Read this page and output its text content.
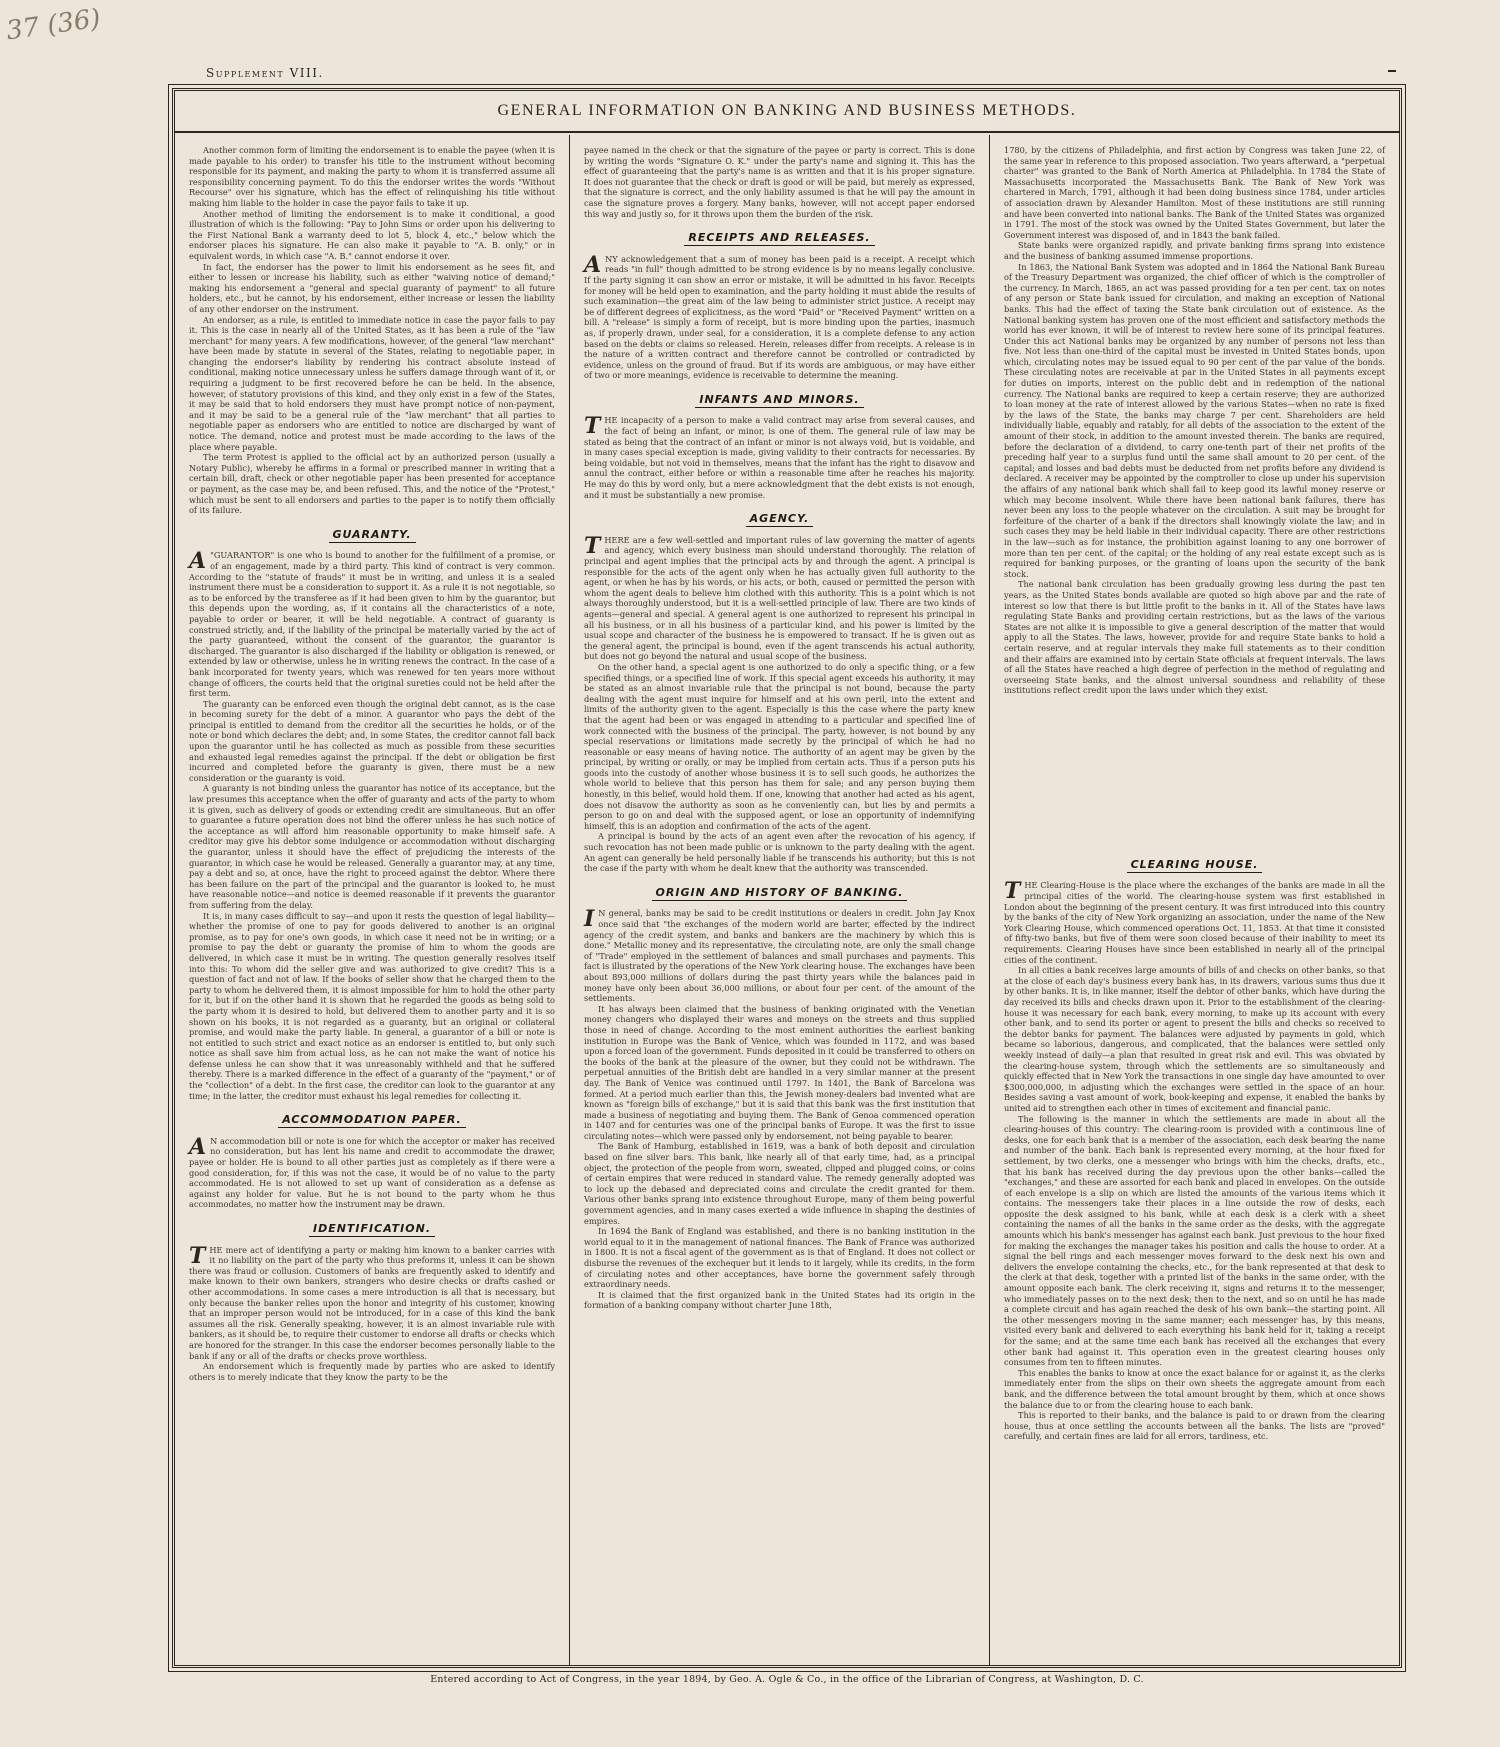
37 (36)
Supplement VIII.
GENERAL INFORMATION ON BANKING AND BUSINESS METHODS.

Another common form of limiting the endorsement is to enable the payee (when it is made payable to his order) to transfer his title to the instrument without becoming responsible for its payment, and making the party to whom it is transferred assume all responsibility concerning payment. To do this the endorser writes the words "Without Recourse" over his signature, which has the effect of relinquishing his title without making him liable to the holder in case the payor fails to take it up.

Another method of limiting the endorsement is to make it conditional, a good illustration of which is the following: "Pay to John Sims or order upon his delivering to the First National Bank a warranty deed to lot 5, block 4, etc.," below which the endorser places his signature. He can also make it payable to "A. B. only," or in equivalent words, in which case "A. B." cannot endorse it over.

In fact, the endorser has the power to limit his endorsement as he sees fit, and either to lessen or increase his liability, such as either "waiving notice of demand;" making his endorsement a "general and special guaranty of payment" to all future holders, etc., but he cannot, by his endorsement, either increase or lessen the liability of any other endorser on the instrument.

An endorser, as a rule, is entitled to immediate notice in case the payor fails to pay it. This is the case in nearly all of the United States, as it has been a rule of the "law merchant" for many years. A few modifications, however, of the general "law merchant" have been made by statute in several of the States, relating to negotiable paper, in changing the endorser's liability by rendering his contract absolute instead of conditional, making notice unnecessary unless he suffers damage through want of it, or requiring a judgment to be first recovered before he can be held. In the absence, however, of statutory provisions of this kind, and they only exist in a few of the States, it may be said that to hold endorsers they must have prompt notice of non-payment, and it may be said to be a general rule of the "law merchant" that all parties to negotiable paper as endorsers who are entitled to notice are discharged by want of notice. The demand, notice and protest must be made according to the laws of the place where payable.

The term Protest is applied to the official act by an authorized person (usually a Notary Public), whereby he affirms in a formal or prescribed manner in writing that a certain bill, draft, check or other negotiable paper has been presented for acceptance or payment, as the case may be, and been refused. This, and the notice of the "Protest," which must be sent to all endorsers and parties to the paper is to notify them officially of its failure.

GUARANTY.

A "GUARANTOR" is one who is bound to another for the fulfillment of a promise, or of an engagement, made by a third party. This kind of contract is very common. According to the "statute of frauds" it must be in writing, and unless it is a sealed instrument there must be a consideration to support it. As a rule it is not negotiable, so as to be enforced by the transferee as if it had been given to him by the guarantor, but this depends upon the wording, as, if it contains all the characteristics of a note, payable to order or bearer, it will be held negotiable. A contract of guaranty is construed strictly, and, if the liability of the principal be materially varied by the act of the party guaranteed, without the consent of the guarantor, the guarantor is discharged. The guarantor is also discharged if the liability or obligation is renewed, or extended by law or otherwise, unless he in writing renews the contract. In the case of a bank incorporated for twenty years, which was renewed for ten years more without change of officers, the courts held that the original sureties could not be held after the first term.

The guaranty can be enforced even though the original debt cannot, as is the case in becoming surety for the debt of a minor. A guarantor who pays the debt of the principal is entitled to demand from the creditor all the securities he holds, or of the note or bond which declares the debt; and, in some States, the creditor cannot fall back upon the guarantor until he has collected as much as possible from these securities and exhausted legal remedies against the principal. If the debt or obligation be first incurred and completed before the guaranty is given, there must be a new consideration or the guaranty is void.

A guaranty is not binding unless the guarantor has notice of its acceptance, but the law presumes this acceptance when the offer of guaranty and acts of the party to whom it is given, such as delivery of goods or extending credit are simultaneous. But an offer to guarantee a future operation does not bind the offerer unless he has such notice of the acceptance as will afford him reasonable opportunity to make himself safe. A creditor may give his debtor some indulgence or accommodation without discharging the guarantor, unless it should have the effect of prejudicing the interests of the guarantor, in which case he would be released. Generally a guarantor may, at any time, pay a debt and so, at once, have the right to proceed against the debtor. Where there has been failure on the part of the principal and the guarantor is looked to, he must have reasonable notice—and notice is deemed reasonable if it prevents the guarantor from suffering from the delay.

It is, in many cases difficult to say—and upon it rests the question of legal liability—whether the promise of one to pay for goods delivered to another is an original promise, as to pay for one's own goods, in which case it need not be in writing; or a promise to pay the debt or guaranty the promise of him to whom the goods are delivered, in which case it must be in writing. The question generally resolves itself into this: To whom did the seller give and was authorized to give credit? This is a question of fact and not of law. If the books of seller show that he charged them to the party to whom he delivered them, it is almost impossible for him to hold the other party for it, but if on the other hand it is shown that he regarded the goods as being sold to the party whom it is desired to hold, but delivered them to another party and it is so shown on his books, it is not regarded as a guaranty, but an original or collateral promise, and would make the party liable. In general, a guarantor of a bill or note is not entitled to such strict and exact notice as an endorser is entitled to, but only such notice as shall save him from actual loss, as he can not make the want of notice his defense unless he can show that it was unreasonably withheld and that he suffered thereby. There is a marked difference in the effect of a guaranty of the "payment," or of the "collection" of a debt. In the first case, the creditor can look to the guarantor at any time; in the latter, the creditor must exhaust his legal remedies for collecting it.

ACCOMMODATION PAPER.

A N accommodation bill or note is one for which the acceptor or maker has received no consideration, but has lent his name and credit to accommodate the drawer, payee or holder. He is bound to all other parties just as completely as if there were a good consideration, for, if this was not the case, it would be of no value to the party accommodated. He is not allowed to set up want of consideration as a defense as against any holder for value. But he is not bound to the party whom he thus accommodates, no matter how the instrument may be drawn.

IDENTIFICATION.

THE mere act of identifying a party or making him known to a banker carries with it no liability on the part of the party who thus preforms it, unless it can be shown there was fraud or collusion. Customers of banks are frequently asked to identify and make known to their own bankers, strangers who desire checks or drafts cashed or other accommodations. In some cases a mere introduction is all that is necessary, but only because the banker relies upon the honor and integrity of his customer, knowing that an improper person would not be introduced, for in a case of this kind the bank assumes all the risk. Generally speaking, however, it is an almost invariable rule with bankers, as it should be, to require their customer to endorse all drafts or checks which are honored for the stranger. In this case the endorser becomes personally liable to the bank if any or all of the drafts or checks prove worthless.

An endorsement which is frequently made by parties who are asked to identify others is to merely indicate that they know the party to be the

payee named in the check or that the signature of the payee or party is correct. This is done by writing the words "Signature O. K." under the party's name and signing it. This has the effect of guaranteeing that the party's name is as written and that it is his proper signature. It does not guarantee that the check or draft is good or will be paid, but merely as expressed, that the signature is correct, and the only liability assumed is that he will pay the amount in case the signature proves a forgery. Many banks, however, will not accept paper endorsed this way and justly so, for it throws upon them the burden of the risk.

RECEIPTS AND RELEASES.

ANY acknowledgement that a sum of money has been paid is a receipt. A receipt which reads "in full" though admitted to be strong evidence is by no means legally conclusive. If the party signing it can show an error or mistake, it will be admitted in his favor. Receipts for money will be held open to examination, and the party holding it must abide the results of such examination—the great aim of the law being to administer strict justice. A receipt may be of different degrees of explicitness, as the word "Paid" or "Received Payment" written on a bill. A "release" is simply a form of receipt, but is more binding upon the parties, inasmuch as, if properly drawn, under seal, for a consideration, it is a complete defense to any action based on the debts or claims so released. Herein, releases differ from receipts. A release is in the nature of a written contract and therefore cannot be controlled or contradicted by evidence, unless on the ground of fraud. But if its words are ambiguous, or may have either of two or more meanings, evidence is receivable to determine the meaning.

INFANTS AND MINORS.

THE incapacity of a person to make a valid contract may arise from several causes, and the fact of being an infant, or minor, is one of them. The general rule of law may be stated as being that the contract of an infant or minor is not always void, but is voidable, and in many cases special exception is made, giving validity to their contracts for necessaries. By being voidable, but not void in themselves, means that the infant has the right to disavow and annul the contract, either before or within a reasonable time after he reaches his majority. He may do this by word only, but a mere acknowledgment that the debt exists is not enough, and it must be substantially a new promise.

AGENCY.

THERE are a few well-settled and important rules of law governing the matter of agents and agency, which every business man should understand thoroughly. The relation of principal and agent implies that the principal acts by and through the agent. A principal is responsible for the acts of the agent only when he has actually given full authority to the agent, or when he has by his words, or his acts, or both, caused or permitted the person with whom the agent deals to believe him clothed with this authority. This is a point which is not always thoroughly understood, but it is a well-settled principle of law. There are two kinds of agents—general and special. A general agent is one authorized to represent his principal in all his business, or in all his business of a particular kind, and his power is limited by the usual scope and character of the business he is empowered to transact. If he is given out as the general agent, the principal is bound, even if the agent transcends his actual authority, but does not go beyond the natural and usual scope of the business.

On the other hand, a special agent is one authorized to do only a specific thing, or a few specified things, or a specified line of work. If this special agent exceeds his authority, it may be stated as an almost invariable rule that the principal is not bound, because the party dealing with the agent must inquire for himself and at his own peril, into the extent and limits of the authority given to the agent. Especially is this the case where the party knew that the agent had been or was engaged in attending to a particular and specified line of work connected with the business of the principal. The party, however, is not bound by any special reservations or limitations made secretly by the principal of which he had no reasonable or easy means of having notice. The authority of an agent may be given by the principal, by writing or orally, or may be implied from certain acts. Thus if a person puts his goods into the custody of another whose business it is to sell such goods, he authorizes the whole world to believe that this person has them for sale; and any person buying them honestly, in this belief, would hold them. If one, knowing that another had acted as his agent, does not disavow the authority as soon as he conveniently can, but lies by and permits a person to go on and deal with the supposed agent, or lose an opportunity of indemnifying himself, this is an adoption and confirmation of the acts of the agent.

A principal is bound by the acts of an agent even after the revocation of his agency, if such revocation has not been made public or is unknown to the party dealing with the agent. An agent can generally be held personally liable if he transcends his authority; but this is not the case if the party with whom he dealt knew that the authority was transcended.

ORIGIN AND HISTORY OF BANKING.

I N general, banks may be said to be credit institutions or dealers in credit. John Jay Knox once said that "the exchanges of the modern world are barter, effected by the indirect agency of the credit system, and banks and bankers are the machinery by which this is done." Metallic money and its representative, the circulating note, are only the small change of "Trade" employed in the settlement of balances and small purchases and payments. This fact is illustrated by the operations of the New York clearing house. The exchanges have been about 893,000 millions of dollars during the past thirty years while the balances paid in money have only been about 36,000 millions, or about four per cent. of the amount of the settlements.

It has always been claimed that the business of banking originated with the Venetian money changers who displayed their wares and moneys on the streets and thus supplied those in need of change. According to the most eminent authorities the earliest banking institution in Europe was the Bank of Venice, which was founded in 1172, and was based upon a forced loan of the government. Funds deposited in it could be transferred to others on the books of the bank at the pleasure of the owner, but they could not be withdrawn. The perpetual annuities of the British debt are handled in a very similar manner at the present day. The Bank of Venice was continued until 1797. In 1401, the Bank of Barcelona was formed. At a period much earlier than this, the Jewish money-dealers bad invented what are known as "foreign bills of exchange," but it is said that this bank was the first institution that made a business of negotiating and buying them. The Bank of Genoa commenced operation in 1407 and for centuries was one of the principal banks of Europe. It was the first to issue circulating notes—which were passed only by endorsement, not being payable to bearer.

The Bank of Hamburg, established in 1619, was a bank of both deposit and circulation based on fine silver bars. This bank, like nearly all of that early time, had, as a principal object, the protection of the people from worn, sweated, clipped and plugged coins, or coins of certain empires that were reduced in standard value. The remedy generally adopted was to lock up the debased and depreciated coins and circulate the credit granted for them. Various other banks sprang into existence throughout Europe, many of them being powerful government agencies, and in many cases exerted a wide influence in shaping the destinies of empires.

In 1694 the Bank of England was established, and there is no banking institution in the world equal to it in the management of national finances. The Bank of France was authorized in 1800. It is not a fiscal agent of the government as is that of England. It does not collect or disburse the revenues of the exchequer but it lends to it largely, while its credits, in the form of circulating notes and other acceptances, have borne the government safely through extraordinary needs.

It is claimed that the first organized bank in the United States had its origin in the formation of a banking company without charter June 18th,

1780, by the citizens of Philadelphia, and first action by Congress was taken June 22, of the same year in reference to this proposed association. Two years afterward, a "perpetual charter" was granted to the Bank of North America at Philadelphia. In 1784 the State of Massachusetts incorporated the Massachusetts Bank. The Bank of New York was chartered in March, 1791, although it had been doing business since 1784, under articles of association drawn by Alexander Hamilton. Most of these institutions are still running and have been converted into national banks. The Bank of the United States was organized in 1791. The most of the stock was owned by the United States Government, but later the Government interest was disposed of, and in 1843 the bank failed.

State banks were organized rapidly, and private banking firms sprang into existence and the business of banking assumed immense proportions.

In 1863, the National Bank System was adopted and in 1864 the National Bank Bureau of the Treasury Department was organized, the chief officer of which is the comptroller of the currency. In March, 1865, an act was passed providing for a ten per cent. tax on notes of any person or State bank issued for circulation, and making an exception of National banks. This had the effect of taxing the State bank circulation out of existence. As the National banking system has proven one of the most efficient and satisfactory methods the world has ever known, it will be of interest to review here some of its principal features. Under this act National banks may be organized by any number of persons not less than five. Not less than one-third of the capital must be invested in United States bonds, upon which, circulating notes may be issued equal to 90 per cent of the par value of the bonds. These circulating notes are receivable at par in the United States in all payments except for duties on imports, interest on the public debt and in redemption of the national currency. The National banks are required to keep a certain reserve; they are authorized to loan money at the rate of interest allowed by the various States—when no rate is fixed by the laws of the State, the banks may charge 7 per cent. Shareholders are held individually liable, equably and ratably, for all debts of the association to the extent of the amount of their stock, in addition to the amount invested therein. The banks are required, before the declaration of a dividend, to carry one-tenth part of their net profits of the preceding half year to a surplus fund until the same shall amount to 20 per cent. of the capital; and losses and bad debts must be deducted from net profits before any dividend is declared. A receiver may be appointed by the comptroller to close up under his supervision the affairs of any national bank which shall fail to keep good its lawful money reserve or which may become insolvent. While there have been national bank failures, there has never been any loss to the people whatever on the circulation. A suit may be brought for forfeiture of the charter of a bank if the directors shall knowingly violate the law; and in such cases they may be held liable in their individual capacity. There are other restrictions in the law—such as for instance, the prohibition against loaning to any one borrower of more than ten per cent. of the capital; or the holding of any real estate except such as is required for banking purposes, or the granting of loans upon the security of the bank stock.

The national bank circulation has been gradually growing less during the past ten years, as the United States bonds available are quoted so high above par and the rate of interest so low that there is but little profit to the banks in it. All of the States have laws regulating State Banks and providing certain restrictions, but as the laws of the various States are not alike it is impossible to give a general description of the matter that would apply to all the States. The laws, however, provide for and require State banks to hold a certain reserve, and at regular intervals they make full statements as to their condition and their affairs are examined into by certain State officials at frequent intervals. The laws of all the States have reached a high degree of perfection in the method of regulating and overseeing State banks, and the almost universal soundness and reliability of these institutions reflect credit upon the laws under which they exist.

CLEARING HOUSE.

THE Clearing-House is the place where the exchanges of the banks are made in all the principal cities of the world. The clearing-house system was first established in London about the beginning of the present century. It was first introduced into this country by the banks of the city of New York organizing an association, under the name of the New York Clearing House, which commenced operations Oct. 11, 1853. At that time it consisted of fifty-two banks, but five of them were soon closed because of their inability to meet its requirements. Clearing Houses have since been established in nearly all of the principal cities of the continent.

In all cities a bank receives large amounts of bills of and checks on other banks, so that at the close of each day's business every bank has, in its drawers, various sums thus due it by other banks. It is, in like manner, itself the debtor of other banks, which have during the day received its bills and checks drawn upon it. Prior to the establishment of the clearing-house it was necessary for each bank, every morning, to make up its account with every other bank, and to send its porter or agent to present the bills and checks so received to the debtor banks for payment. The balances were adjusted by payments in gold, which became so laborious, dangerous, and complicated, that the balances were settled only weekly instead of daily—a plan that resulted in great risk and evil. This was obviated by the clearing-house system, through which the settlements are so simultaneously and quickly effected that in New York the transactions in one single day have amounted to over $300,000,000, in adjusting which the exchanges were settled in the space of an hour. Besides saving a vast amount of work, book-keeping and expense, it enabled the banks by united aid to strengthen each other in times of excitement and financial panic.

The following is the manner in which the settlements are made in about all the clearing-houses of this country: The clearing-room is provided with a continuous line of desks, one for each bank that is a member of the association, each desk bearing the name and number of the bank. Each bank is represented every morning, at the hour fixed for settlement, by two clerks, one a messenger who brings with him the checks, drafts, etc., that his bank has received during the day previous upon the other banks—called the "exchanges," and these are assorted for each bank and placed in envelopes. On the outside of each envelope is a slip on which are listed the amounts of the various items which it contains. The messengers take their places in a line outside the row of desks, each opposite the desk assigned to his bank, while at each desk is a clerk with a sheet containing the names of all the banks in the same order as the desks, with the aggregate amounts which his bank's messenger has against each bank. Just previous to the hour fixed for making the exchanges the manager takes his position and calls the house to order. At a signal the bell rings and each messenger moves forward to the desk next his own and delivers the envelope containing the checks, etc., for the bank represented at that desk to the clerk at that desk, together with a printed list of the banks in the same order, with the amount opposite each bank. The clerk receiving it, signs and returns it to the messenger, who immediately passes on to the next desk; then to the next, and so on until he has made a complete circuit and has again reached the desk of his own bank—the starting point. All the other messengers moving in the same manner; each messenger has, by this means, visited every bank and delivered to each everything his bank held for it, taking a receipt for the same; and at the same time each bank has received all the exchanges that every other bank had against it. This operation even in the greatest clearing houses only consumes from ten to fifteen minutes.

This enables the banks to know at once the exact balance for or against it, as the clerks immediately enter from the slips on their own sheets the aggregate amount from each bank, and the difference between the total amount brought by them, which at once shows the balance due to or from the clearing house to each bank.

This is reported to their banks, and the balance is paid to or drawn from the clearing house, thus at once settling the accounts between all the banks. The lists are "proved" carefully, and certain fines are laid for all errors, tardiness, etc.

Entered according to Act of Congress, in the year 1894, by Geo. A. Ogle & Co., in the office of the Librarian of Congress, at Washington, D. C.
